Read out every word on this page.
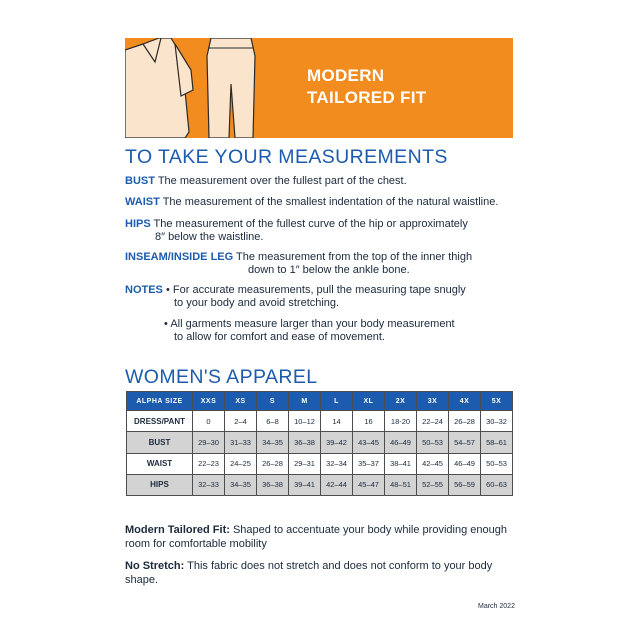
MODERN
TAILORED FIT
TO TAKE YOUR MEASUREMENTS
BUST The measurement over the fullest part of the chest.
WAIST The measurement of the smallest indentation of the natural waistline.
HIPS The measurement of the fullest curve of the hip or approximately
8″ below the waistline.
INSEAM/INSIDE LEG The measurement from the top of the inner thigh
down to 1″ below the ankle bone.
NOTES • For accurate measurements, pull the measuring tape snugly
to your body and avoid stretching.
• All garments measure larger than your body measurement
to allow for comfort and ease of movement.
WOMEN'S APPAREL
ALPHA SIZE	XXS	XS	S	M	L	XL	2X	3X	4X	5X
DRESS/PANT	0	2–4	6–8	10–12	14	16	18-20	22–24	26–28	30–32
BUST	29–30	31–33	34–35	36–38	39–42	43–45	46–49	50–53	54–57	58–61
WAIST	22–23	24–25	26–28	29–31	32–34	35–37	38–41	42–45	46–49	50–53
HIPS	32–33	34–35	36–38	39–41	42–44	45–47	48–51	52–55	56–59	60–63
Modern Tailored Fit: Shaped to accentuate your body while providing enough
room for comfortable mobility
No Stretch: This fabric does not stretch and does not conform to your body shape.
March 2022
